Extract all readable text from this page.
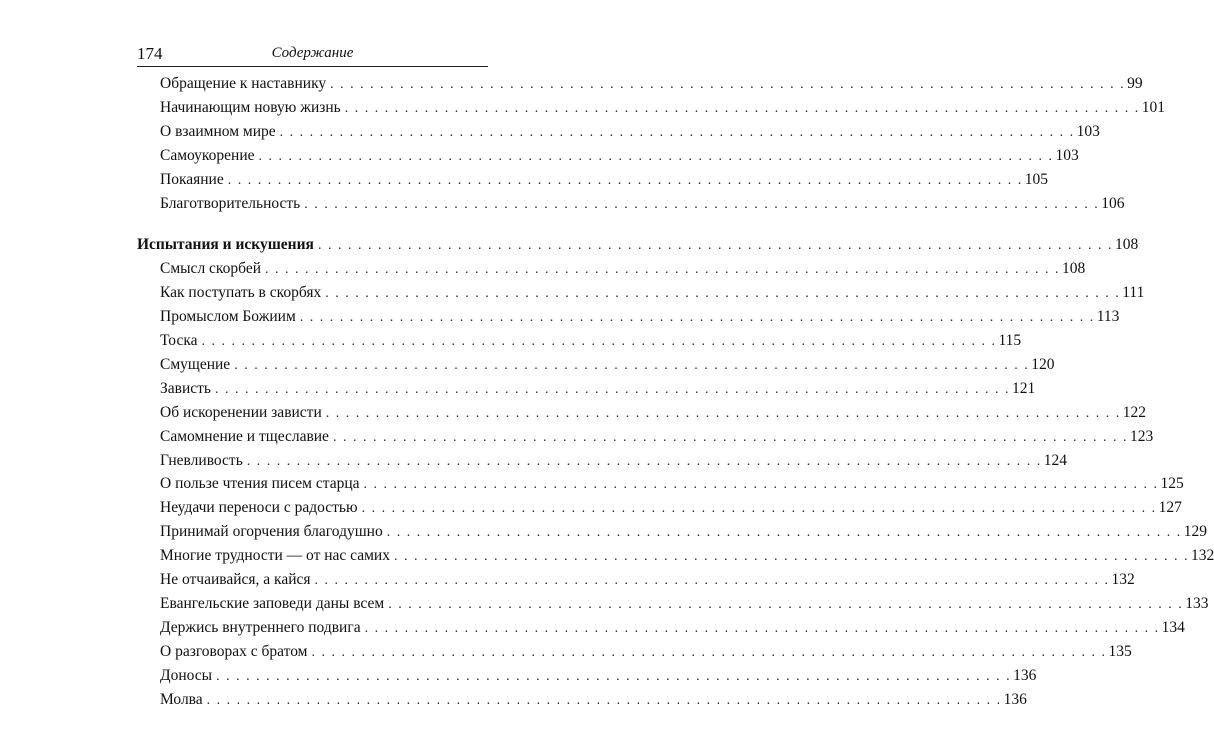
174	Содержание
Обращение к наставнику . . . . . . . . . . . . . . . . . . . . . . . . . . . . . . . . . . . . . . . . . . . . . . . . . . . . . . . . . . . . . . . . . . . . . . . . . . . . . . . . 99
Начинающим новую жизнь . . . . . . . . . . . . . . . . . . . . . . . . . . . . . . . . . . . . . . . . . . . . . . . . . . . . . . . . . . . . . . . . . . . . . . . . . . . . . . . . 101
О взаимном мире . . . . . . . . . . . . . . . . . . . . . . . . . . . . . . . . . . . . . . . . . . . . . . . . . . . . . . . . . . . . . . . . . . . . . . . . . . . . . . . . 103
Самоукорение . . . . . . . . . . . . . . . . . . . . . . . . . . . . . . . . . . . . . . . . . . . . . . . . . . . . . . . . . . . . . . . . . . . . . . . . . . . . . . . . 103
Покаяние . . . . . . . . . . . . . . . . . . . . . . . . . . . . . . . . . . . . . . . . . . . . . . . . . . . . . . . . . . . . . . . . . . . . . . . . . . . . . . . . 105
Благотворительность . . . . . . . . . . . . . . . . . . . . . . . . . . . . . . . . . . . . . . . . . . . . . . . . . . . . . . . . . . . . . . . . . . . . . . . . . . . . . . . . 106
Испытания и искушения . . . . . . . . . . . . . . . . . . . . . . . . . . . . . . . . . . . . . . . . . . . . . . . . . . . . . . . . . . . . . . . . . . . . . . . . . . . . . . . . 108
Смысл скорбей . . . . . . . . . . . . . . . . . . . . . . . . . . . . . . . . . . . . . . . . . . . . . . . . . . . . . . . . . . . . . . . . . . . . . . . . . . . . . . . . 108
Как поступать в скорбях . . . . . . . . . . . . . . . . . . . . . . . . . . . . . . . . . . . . . . . . . . . . . . . . . . . . . . . . . . . . . . . . . . . . . . . . . . . . . . . . 111
Промыслом Божиим . . . . . . . . . . . . . . . . . . . . . . . . . . . . . . . . . . . . . . . . . . . . . . . . . . . . . . . . . . . . . . . . . . . . . . . . . . . . . . . . 113
Тоска . . . . . . . . . . . . . . . . . . . . . . . . . . . . . . . . . . . . . . . . . . . . . . . . . . . . . . . . . . . . . . . . . . . . . . . . . . . . . . . . 115
Смущение . . . . . . . . . . . . . . . . . . . . . . . . . . . . . . . . . . . . . . . . . . . . . . . . . . . . . . . . . . . . . . . . . . . . . . . . . . . . . . . . 120
Зависть . . . . . . . . . . . . . . . . . . . . . . . . . . . . . . . . . . . . . . . . . . . . . . . . . . . . . . . . . . . . . . . . . . . . . . . . . . . . . . . . 121
Об искоренении зависти . . . . . . . . . . . . . . . . . . . . . . . . . . . . . . . . . . . . . . . . . . . . . . . . . . . . . . . . . . . . . . . . . . . . . . . . . . . . . . . . 122
Самомнение и тщеславие . . . . . . . . . . . . . . . . . . . . . . . . . . . . . . . . . . . . . . . . . . . . . . . . . . . . . . . . . . . . . . . . . . . . . . . . . . . . . . . . 123
Гневливость . . . . . . . . . . . . . . . . . . . . . . . . . . . . . . . . . . . . . . . . . . . . . . . . . . . . . . . . . . . . . . . . . . . . . . . . . . . . . . . . 124
О пользе чтения писем старца . . . . . . . . . . . . . . . . . . . . . . . . . . . . . . . . . . . . . . . . . . . . . . . . . . . . . . . . . . . . . . . . . . . . . . . . . . . . . . . . 125
Неудачи переноси с радостью . . . . . . . . . . . . . . . . . . . . . . . . . . . . . . . . . . . . . . . . . . . . . . . . . . . . . . . . . . . . . . . . . . . . . . . . . . . . . . . . 127
Принимай огорчения благодушно . . . . . . . . . . . . . . . . . . . . . . . . . . . . . . . . . . . . . . . . . . . . . . . . . . . . . . . . . . . . . . . . . . . . . . . . . . . . . . . . 129
Многие трудности — от нас самих . . . . . . . . . . . . . . . . . . . . . . . . . . . . . . . . . . . . . . . . . . . . . . . . . . . . . . . . . . . . . . . . . . . . . . . . . . . . . . . . 132
Не отчаивайся, а кайся . . . . . . . . . . . . . . . . . . . . . . . . . . . . . . . . . . . . . . . . . . . . . . . . . . . . . . . . . . . . . . . . . . . . . . . . . . . . . . . . 132
Евангельские заповеди даны всем . . . . . . . . . . . . . . . . . . . . . . . . . . . . . . . . . . . . . . . . . . . . . . . . . . . . . . . . . . . . . . . . . . . . . . . . . . . . . . . . 133
Держись внутреннего подвига . . . . . . . . . . . . . . . . . . . . . . . . . . . . . . . . . . . . . . . . . . . . . . . . . . . . . . . . . . . . . . . . . . . . . . . . . . . . . . . . 134
О разговорах с братом . . . . . . . . . . . . . . . . . . . . . . . . . . . . . . . . . . . . . . . . . . . . . . . . . . . . . . . . . . . . . . . . . . . . . . . . . . . . . . . . 135
Доносы . . . . . . . . . . . . . . . . . . . . . . . . . . . . . . . . . . . . . . . . . . . . . . . . . . . . . . . . . . . . . . . . . . . . . . . . . . . . . . . . 136
Молва . . . . . . . . . . . . . . . . . . . . . . . . . . . . . . . . . . . . . . . . . . . . . . . . . . . . . . . . . . . . . . . . . . . . . . . . . . . . . . . . 136
